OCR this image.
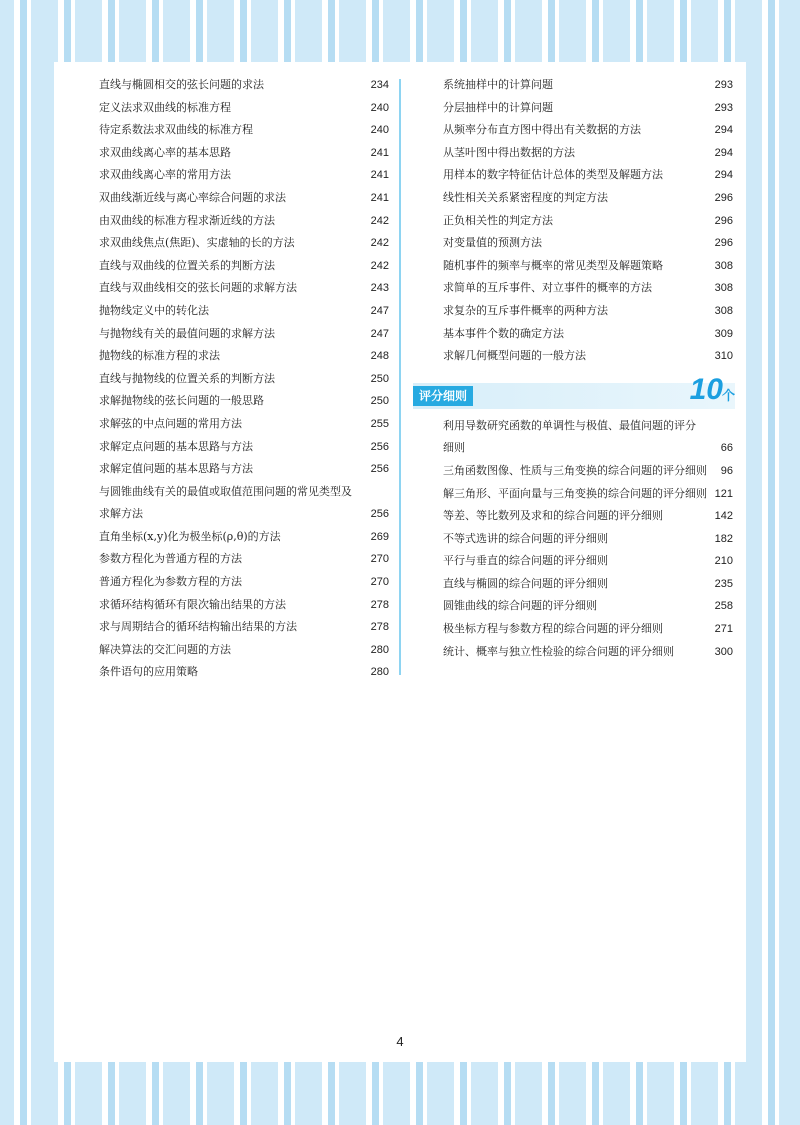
直线与椭圆相交的弦长问题的求法	234
定义法求双曲线的标准方程	240
待定系数法求双曲线的标准方程	240
求双曲线离心率的基本思路	241
求双曲线离心率的常用方法	241
双曲线渐近线与离心率综合问题的求法	241
由双曲线的标准方程求渐近线的方法	242
求双曲线焦点(焦距)、实虚轴的长的方法	242
直线与双曲线的位置关系的判断方法	242
直线与双曲线相交的弦长问题的求解方法	243
抛物线定义中的转化法	247
与抛物线有关的最值问题的求解方法	247
抛物线的标准方程的求法	248
直线与抛物线的位置关系的判断方法	250
求解抛物线的弦长问题的一般思路	250
求解弦的中点问题的常用方法	255
求解定点问题的基本思路与方法	256
求解定值问题的基本思路与方法	256
与圆锥曲线有关的最值或取值范围问题的常见类型及
求解方法	256
直角坐标(x,y)化为极坐标(ρ,θ)的方法	269
参数方程化为普通方程的方法	270
普通方程化为参数方程的方法	270
求循环结构循环有限次输出结果的方法	278
求与周期结合的循环结构输出结果的方法	278
解决算法的交汇问题的方法	280
条件语句的应用策略	280
系统抽样中的计算问题	293
分层抽样中的计算问题	293
从频率分布直方图中得出有关数据的方法	294
从茎叶图中得出数据的方法	294
用样本的数字特征估计总体的类型及解题方法	294
线性相关关系紧密程度的判定方法	296
正负相关性的判定方法	296
对变量值的预测方法	296
随机事件的频率与概率的常见类型及解题策略	308
求简单的互斥事件、对立事件的概率的方法	308
求复杂的互斥事件概率的两种方法	308
基本事件个数的确定方法	309
求解几何概型问题的一般方法	310
评分细则	10
个
利用导数研究函数的单调性与极值、最值问题的评分
细则	66
三角函数图像、性质与三角变换的综合问题的评分细则 96
解三角形、平面向量与三角变换的综合问题的评分细则 121
等差、等比数列及求和的综合问题的评分细则	142
不等式选讲的综合问题的评分细则	182
平行与垂直的综合问题的评分细则	210
直线与椭圆的综合问题的评分细则	235
圆锥曲线的综合问题的评分细则	258
极坐标方程与参数方程的综合问题的评分细则	271
统计、概率与独立性检验的综合问题的评分细则	300
4
